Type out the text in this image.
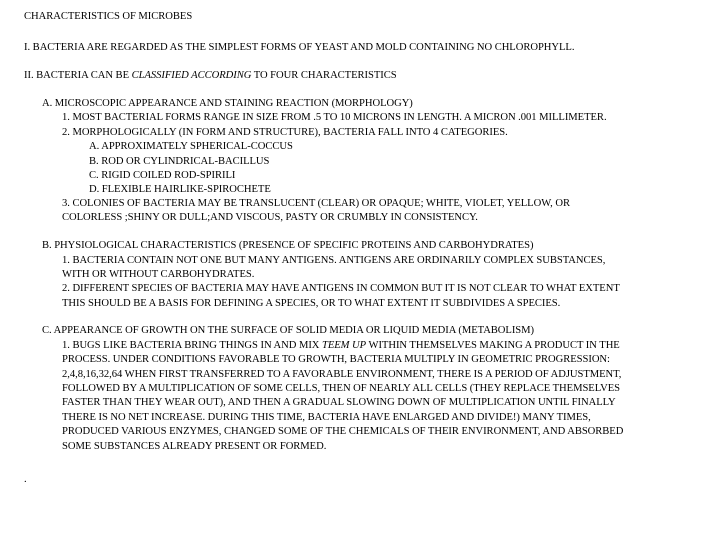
CHARACTERISTICS OF MICROBES

I. BACTERIA ARE REGARDED AS THE SIMPLEST FORMS OF YEAST AND MOLD CONTAINING NO CHLOROPHYLL.

II. BACTERIA CAN BE CLASSIFIED ACCORDING TO FOUR CHARACTERISTICS

A. MICROSCOPIC APPEARANCE AND STAINING REACTION (MORPHOLOGY)

1. MOST BACTERIAL FORMS RANGE IN SIZE FROM .5 TO 10 MICRONS IN LENGTH. A MICRON .001 MILLIMETER.

2. MORPHOLOGICALLY (IN FORM AND STRUCTURE), BACTERIA FALL INTO 4 CATEGORIES.

A. APPROXIMATELY SPHERICAL-COCCUS

B. ROD OR CYLINDRICAL-BACILLUS

C. RIGID COILED ROD-SPIRILI

D. FLEXIBLE HAIRLIKE-SPIROCHETE

3. COLONIES OF BACTERIA MAY BE TRANSLUCENT (CLEAR) OR OPAQUE; WHITE, VIOLET, YELLOW, OR

COLORLESS ;SHINY OR DULL;AND VISCOUS, PASTY OR CRUMBLY IN CONSISTENCY.

B. PHYSIOLOGICAL CHARACTERISTICS (PRESENCE OF SPECIFIC PROTEINS AND CARBOHYDRATES)

1. BACTERIA CONTAIN NOT ONE BUT MANY ANTIGENS. ANTIGENS ARE ORDINARILY COMPLEX SUBSTANCES,

WITH OR WITHOUT CARBOHYDRATES.

2. DIFFERENT SPECIES OF BACTERIA MAY HAVE ANTIGENS IN COMMON BUT IT IS NOT CLEAR TO WHAT EXTENT

THIS SHOULD BE A BASIS FOR DEFINING A SPECIES, OR TO WHAT EXTENT IT SUBDIVIDES A SPECIES.

C. APPEARANCE OF GROWTH ON THE SURFACE OF SOLID MEDIA OR LIQUID MEDIA (METABOLISM)

1. BUGS LIKE BACTERIA BRING THINGS IN AND MIX TEEM UP WITHIN THEMSELVES MAKING A PRODUCT IN THE

PROCESS. UNDER CONDITIONS FAVORABLE TO GROWTH, BACTERIA MULTIPLY IN GEOMETRIC PROGRESSION:

2,4,8,16,32,64 WHEN FIRST TRANSFERRED TO A FAVORABLE ENVIRONMENT, THERE IS A PERIOD OF ADJUSTMENT,

FOLLOWED BY A MULTIPLICATION OF SOME CELLS, THEN OF NEARLY ALL CELLS (THEY REPLACE THEMSELVES

FASTER THAN THEY WEAR OUT), AND THEN A GRADUAL SLOWING DOWN OF MULTIPLICATION UNTIL FINALLY

THERE IS NO NET INCREASE. DURING THIS TIME, BACTERIA HAVE ENLARGED AND DIVIDE!) MANY TIMES,

PRODUCED VARIOUS ENZYMES, CHANGED SOME OF THE CHEMICALS OF THEIR ENVIRONMENT, AND ABSORBED

SOME SUBSTANCES ALREADY PRESENT OR FORMED.

.
